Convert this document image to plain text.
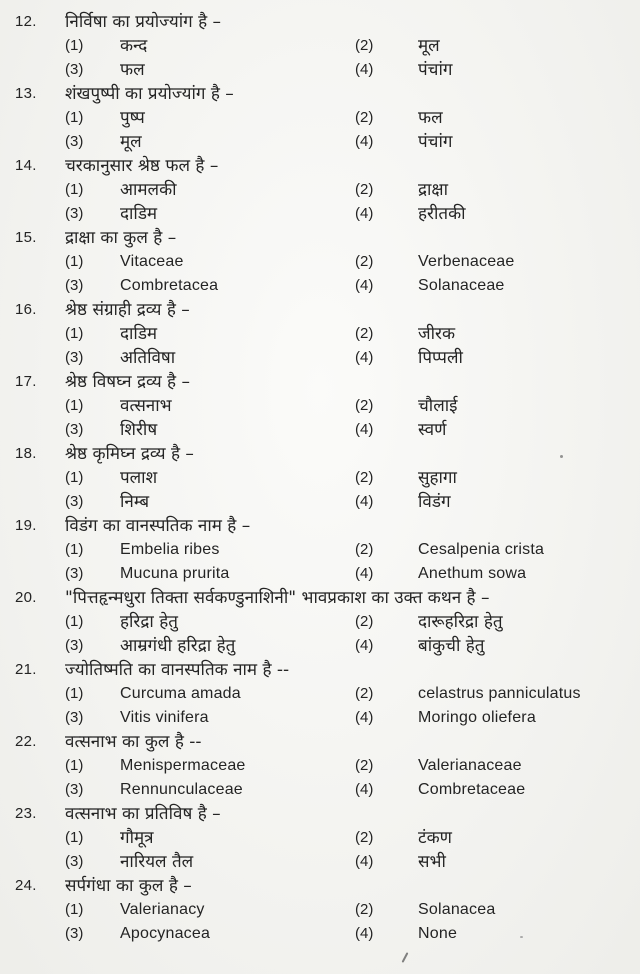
12.	निर्विषा का प्रयोज्यांग है –
(1)	कन्द	(2)	मूल
(3)	फल	(4)	पंचांग
13.	शंखपुष्पी का प्रयोज्यांग है –
(1)	पुष्प	(2)	फल
(3)	मूल	(4)	पंचांग
14.	चरकानुसार श्रेष्ठ फल है –
(1)	आमलकी	(2)	द्राक्षा
(3)	दाडिम	(4)	हरीतकी
15.	द्राक्षा का कुल है –
(1)	Vitaceae	(2)	Verbenaceae
(3)	Combretacea	(4)	Solanaceae
16.	श्रेष्ठ संग्राही द्रव्य है –
(1)	दाडिम	(2)	जीरक
(3)	अतिविषा	(4)	पिप्पली
17.	श्रेष्ठ विषघ्न द्रव्य है –
(1)	वत्सनाभ	(2)	चौलाई
(3)	शिरीष	(4)	स्वर्ण
18.	श्रेष्ठ कृमिघ्न द्रव्य है –
(1)	पलाश	(2)	सुहागा
(3)	निम्ब	(4)	विडंग
19.	विडंग का वानस्पतिक नाम है –
(1)	Embelia ribes	(2)	Cesalpenia crista
(3)	Mucuna prurita	(4)	Anethum sowa
20.	"पित्तहृन्मधुरा तिक्ता सर्वकण्डुनाशिनी" भावप्रकाश का उक्त कथन है –
(1)	हरिद्रा हेतु	(2)	दारूहरिद्रा हेतु
(3)	आम्रगंधी हरिद्रा हेतु	(4)	बांकुची हेतु
21.	ज्योतिष्मति का वानस्पतिक नाम है --
(1)	Curcuma amada	(2)	celastrus panniculatus
(3)	Vitis vinifera	(4)	Moringo oliefera
22.	वत्सनाभ का कुल है --
(1)	Menispermaceae	(2)	Valerianaceae
(3)	Rennunculaceae	(4)	Combretaceae
23.	वत्सनाभ का प्रतिविष है –
(1)	गौमूत्र	(2)	टंकण
(3)	नारियल तैल	(4)	सभी
24.	सर्पगंधा का कुल है –
(1)	Valerianacy	(2)	Solanacea
(3)	Apocynacea	(4)	None
